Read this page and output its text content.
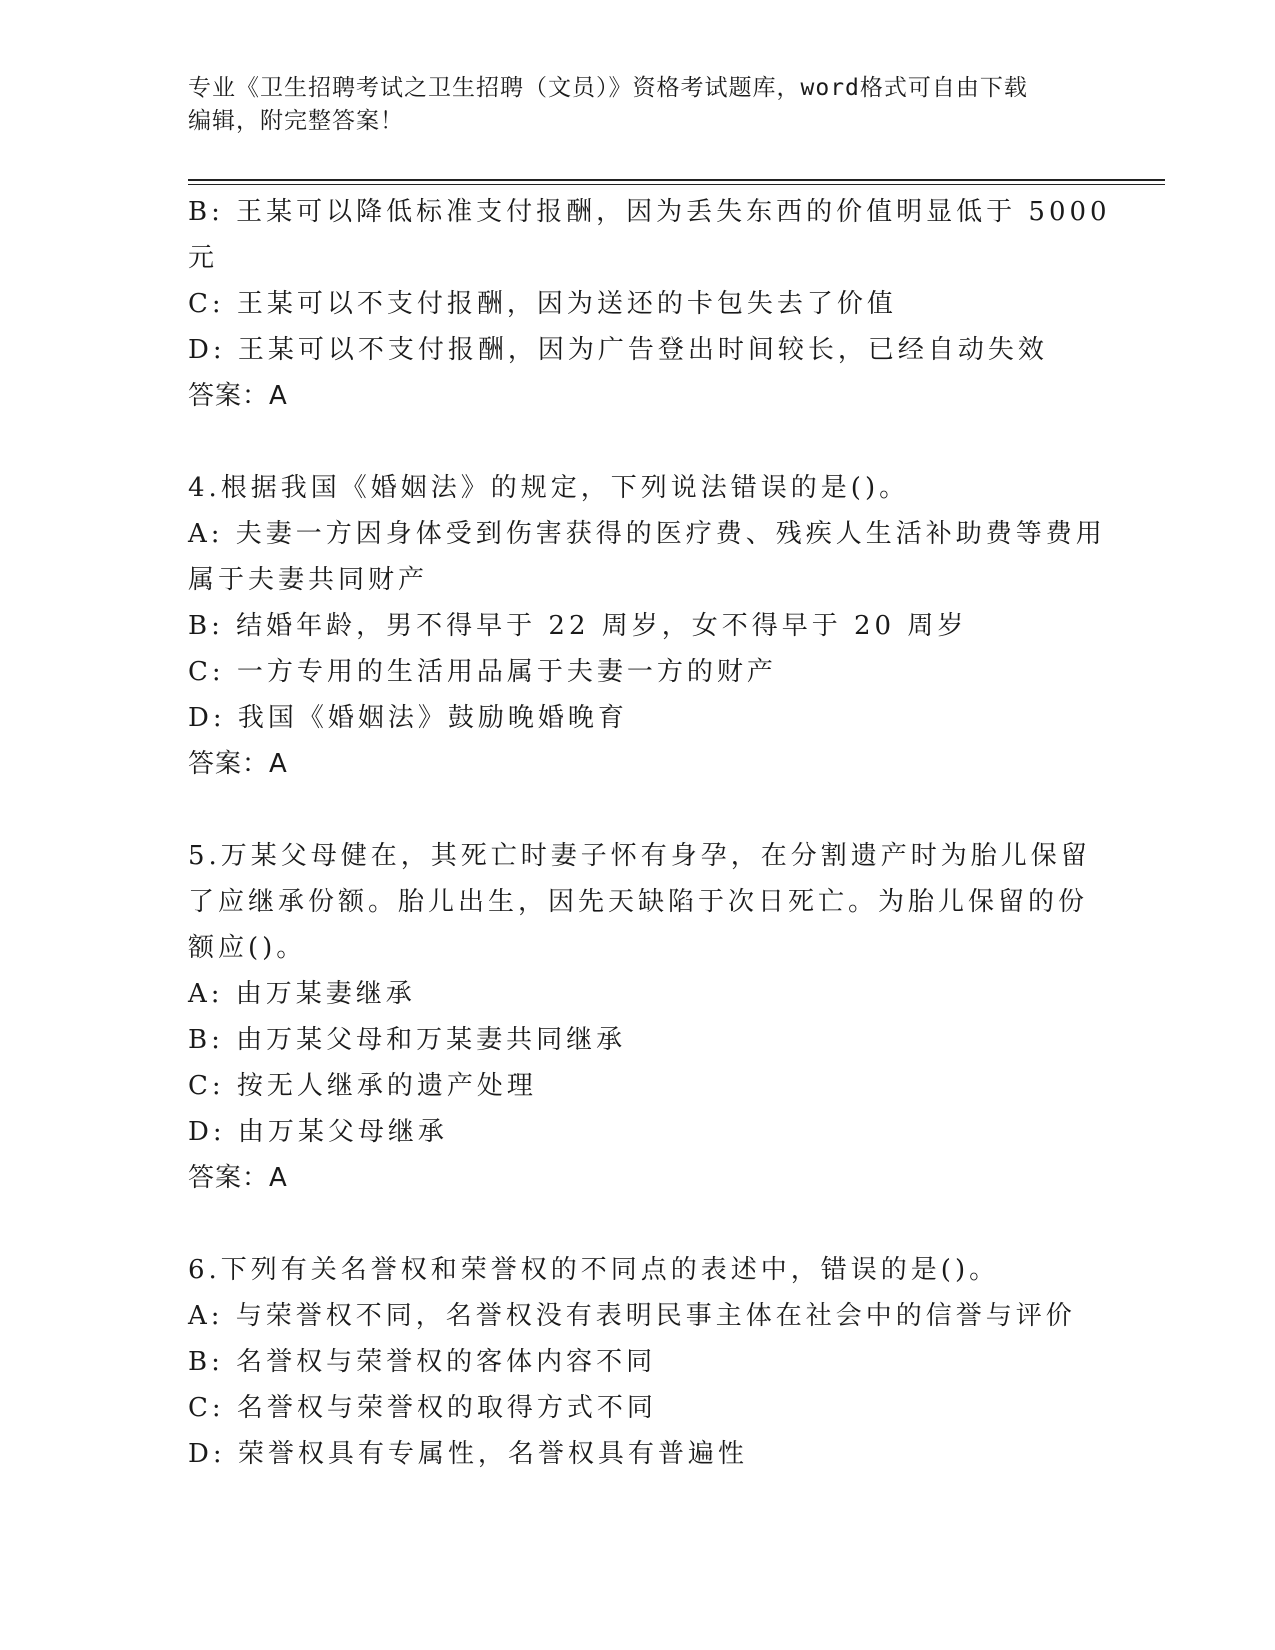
专业《卫生招聘考试之卫生招聘（文员）》资格考试题库，word格式可自由下载
编辑，附完整答案！
B: 王某可以降低标准支付报酬，因为丢失东西的价值明显低于 5000
元
C: 王某可以不支付报酬，因为送还的卡包失去了价值
D: 王某可以不支付报酬，因为广告登出时间较长，已经自动失效
答案：A
4.根据我国《婚姻法》的规定，下列说法错误的是()。
A: 夫妻一方因身体受到伤害获得的医疗费、残疾人生活补助费等费用
属于夫妻共同财产
B: 结婚年龄，男不得早于 22 周岁，女不得早于 20 周岁
C: 一方专用的生活用品属于夫妻一方的财产
D: 我国《婚姻法》鼓励晚婚晚育
答案：A
5.万某父母健在，其死亡时妻子怀有身孕，在分割遗产时为胎儿保留
了应继承份额。胎儿出生，因先天缺陷于次日死亡。为胎儿保留的份
额应()。
A: 由万某妻继承
B: 由万某父母和万某妻共同继承
C: 按无人继承的遗产处理
D: 由万某父母继承
答案：A
6.下列有关名誉权和荣誉权的不同点的表述中，错误的是()。
A: 与荣誉权不同，名誉权没有表明民事主体在社会中的信誉与评价
B: 名誉权与荣誉权的客体内容不同
C: 名誉权与荣誉权的取得方式不同
D: 荣誉权具有专属性，名誉权具有普遍性
